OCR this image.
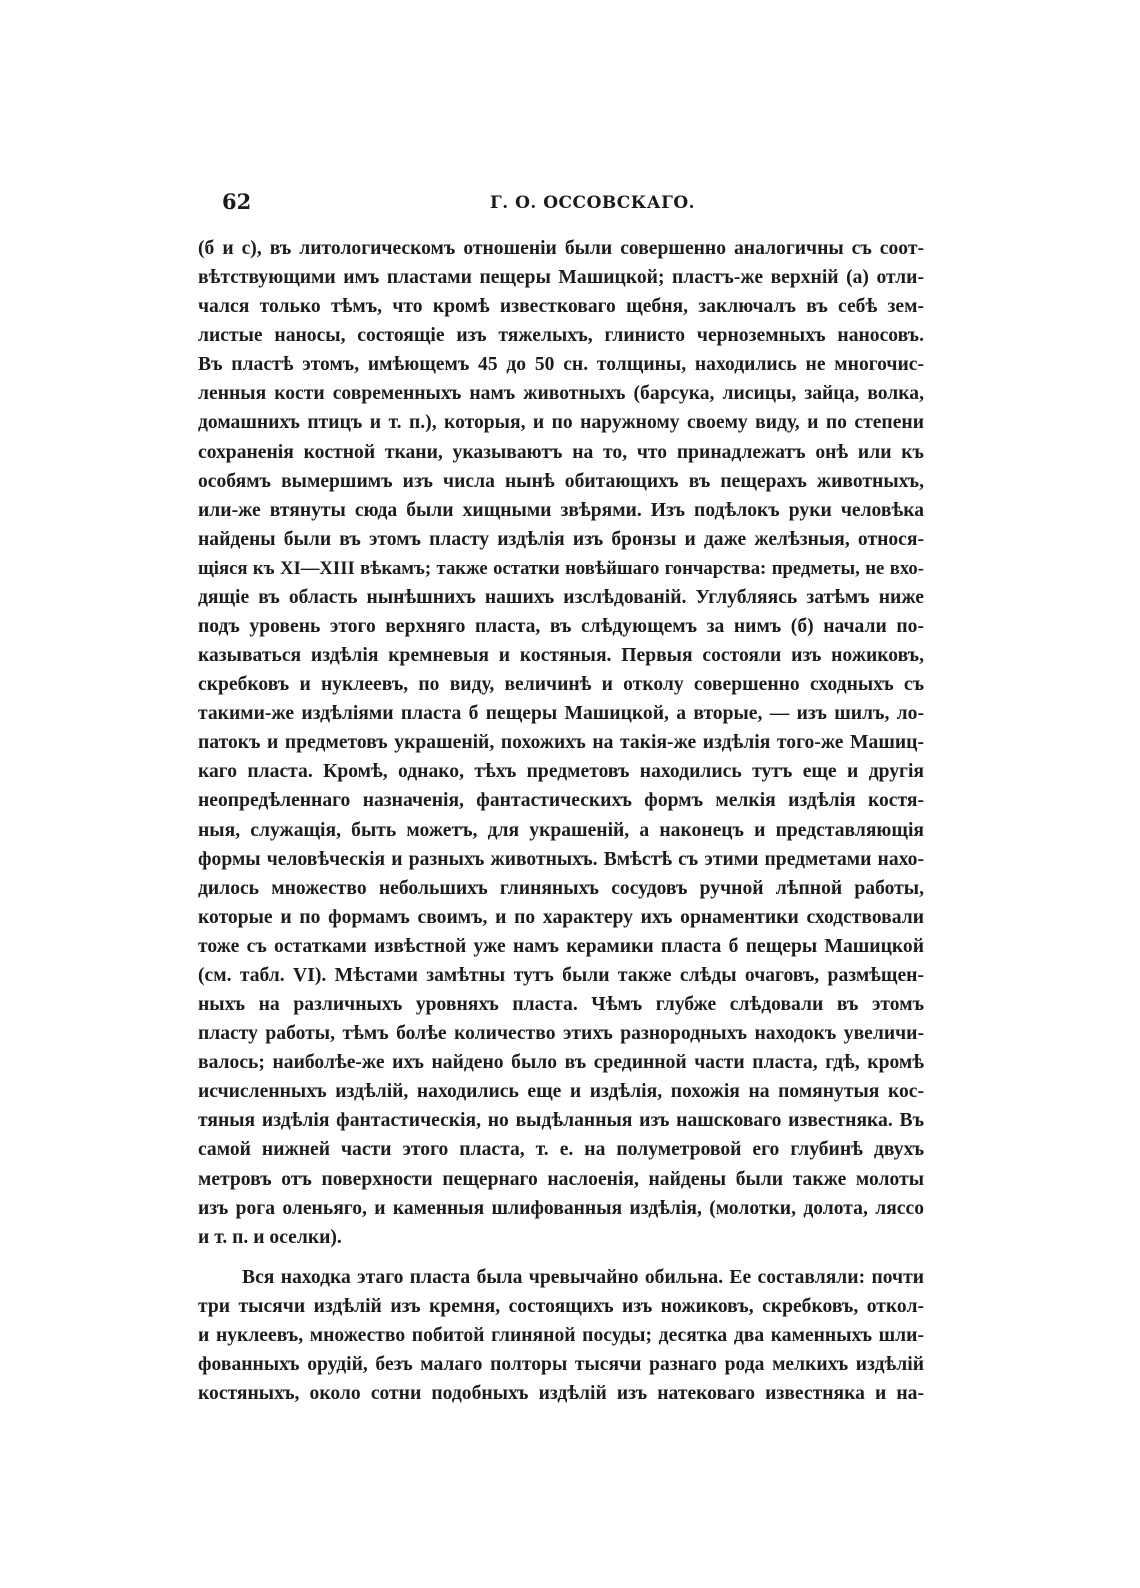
62	Г. О. ОССОВСКАГО.
(б и с), въ литологическомъ отношеніи были совершенно аналогичны съ соот-
вѣтствующими имъ пластами пещеры Машицкой; пластъ-же верхній (а) отли-
чался только тѣмъ, что кромѣ известковаго щебня, заключалъ въ себѣ зем-
листые наносы, состоящіе изъ тяжелыхъ, глинисто черноземныхъ наносовъ.
Въ пластѣ этомъ, имѣющемъ 45 до 50 сн. толщины, находились не многочис-
ленныя кости современныхъ намъ животныхъ (барсука, лисицы, зайца, волка,
домашнихъ птицъ и т. п.), которыя, и по наружному своему виду, и по степени
сохраненія костной ткани, указываютъ на то, что принадлежатъ онѣ или къ
особямъ вымершимъ изъ числа нынѣ обитающихъ въ пещерахъ животныхъ,
или-же втянуты сюда были хищными звѣрями. Изъ подѣлокъ руки человѣка
найдены были въ этомъ пласту издѣлія изъ бронзы и даже желѣзныя, относя-
щіяся къ XI—XIII вѣкамъ; также остатки новѣйшаго гончарства: предметы, не вхо-
дящіе въ область нынѣшнихъ нашихъ изслѣдованій. Углубляясь затѣмъ ниже
подъ уровень этого верхняго пласта, въ слѣдующемъ за нимъ (б) начали по-
казываться издѣлія кремневыя и костяныя. Первыя состояли изъ ножиковъ,
скребковъ и нуклеевъ, по виду, величинѣ и отколу совершенно сходныхъ съ
такими-же издѣліями пласта б пещеры Машицкой, а вторые, — изъ шилъ, ло-
патокъ и предметовъ украшеній, похожихъ на такія-же издѣлія того-же Машиц-
каго пласта. Кромѣ, однако, тѣхъ предметовъ находились тутъ еще и другія
неопредѣленнаго назначенія, фантастическихъ формъ мелкія издѣлія костя-
ныя, служащія, быть можетъ, для украшеній, а наконецъ и представляющія
формы человѣческія и разныхъ животныхъ. Вмѣстѣ съ этими предметами нахо-
дилось множество небольшихъ глиняныхъ сосудовъ ручной лѣпной работы,
которые и по формамъ своимъ, и по характеру ихъ орнаментики сходствовали
тоже съ остатками извѣстной уже намъ керамики пласта б пещеры Машицкой
(см. табл. VI). Мѣстами замѣтны тутъ были также слѣды очаговъ, размѣщен-
ныхъ на различныхъ уровняхъ пласта. Чѣмъ глубже слѣдовали въ этомъ
пласту работы, тѣмъ болѣе количество этихъ разнородныхъ находокъ увеличи-
валось; наиболѣе-же ихъ найдено было въ срединной части пласта, гдѣ, кромѣ
исчисленныхъ издѣлій, находились еще и издѣлія, похожія на помянутыя кос-
тяныя издѣлія фантастическія, но выдѣланныя изъ нашсковаго известняка. Въ
самой нижней части этого пласта, т. е. на полуметровой его глубинѣ двухъ
метровъ отъ поверхности пещернаго наслоенія, найдены были также молоты
изъ рога оленьяго, и каменныя шлифованныя издѣлія, (молотки, долота, ляссо
и т. п. и оселки).
Вся находка этаго пласта была чревычайно обильна. Ее составляли: почти
три тысячи издѣлій изъ кремня, состоящихъ изъ ножиковъ, скребковъ, откол-
и нуклеевъ, множество побитой глиняной посуды; десятка два каменныхъ шли-
фованныхъ орудій, безъ малаго полторы тысячи разнаго рода мелкихъ издѣлій
костяныхъ, около сотни подобныхъ издѣлій изъ натековаго известняка и на-
